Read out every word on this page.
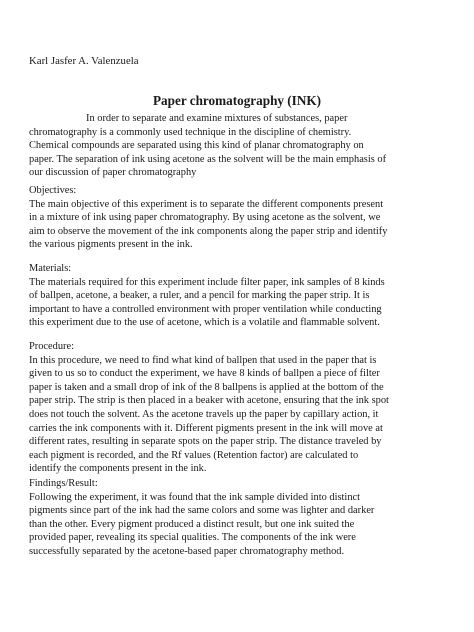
Karl Jasfer A. Valenzuela
Paper chromatography (INK)
In order to separate and examine mixtures of substances, paper
chromatography is a commonly used technique in the discipline of chemistry.
Chemical compounds are separated using this kind of planar chromatography on
paper. The separation of ink using acetone as the solvent will be the main emphasis of
our discussion of paper chromatography
Objectives:
The main objective of this experiment is to separate the different components present
in a mixture of ink using paper chromatography. By using acetone as the solvent, we
aim to observe the movement of the ink components along the paper strip and identify
the various pigments present in the ink.
Materials:
The materials required for this experiment include filter paper, ink samples of 8 kinds
of ballpen, acetone, a beaker, a ruler, and a pencil for marking the paper strip. It is
important to have a controlled environment with proper ventilation while conducting
this experiment due to the use of acetone, which is a volatile and flammable solvent.
Procedure:
In this procedure, we need to find what kind of ballpen that used in the paper that is
given to us so to conduct the experiment, we have 8 kinds of ballpen a piece of filter
paper is taken and a small drop of ink of the 8 ballpens is applied at the bottom of the
paper strip. The strip is then placed in a beaker with acetone, ensuring that the ink spot
does not touch the solvent. As the acetone travels up the paper by capillary action, it
carries the ink components with it. Different pigments present in the ink will move at
different rates, resulting in separate spots on the paper strip. The distance traveled by
each pigment is recorded, and the Rf values (Retention factor) are calculated to
identify the components present in the ink.
Findings/Result:
Following the experiment, it was found that the ink sample divided into distinct
pigments since part of the ink had the same colors and some was lighter and darker
than the other. Every pigment produced a distinct result, but one ink suited the
provided paper, revealing its special qualities. The components of the ink were
successfully separated by the acetone-based paper chromatography method.
